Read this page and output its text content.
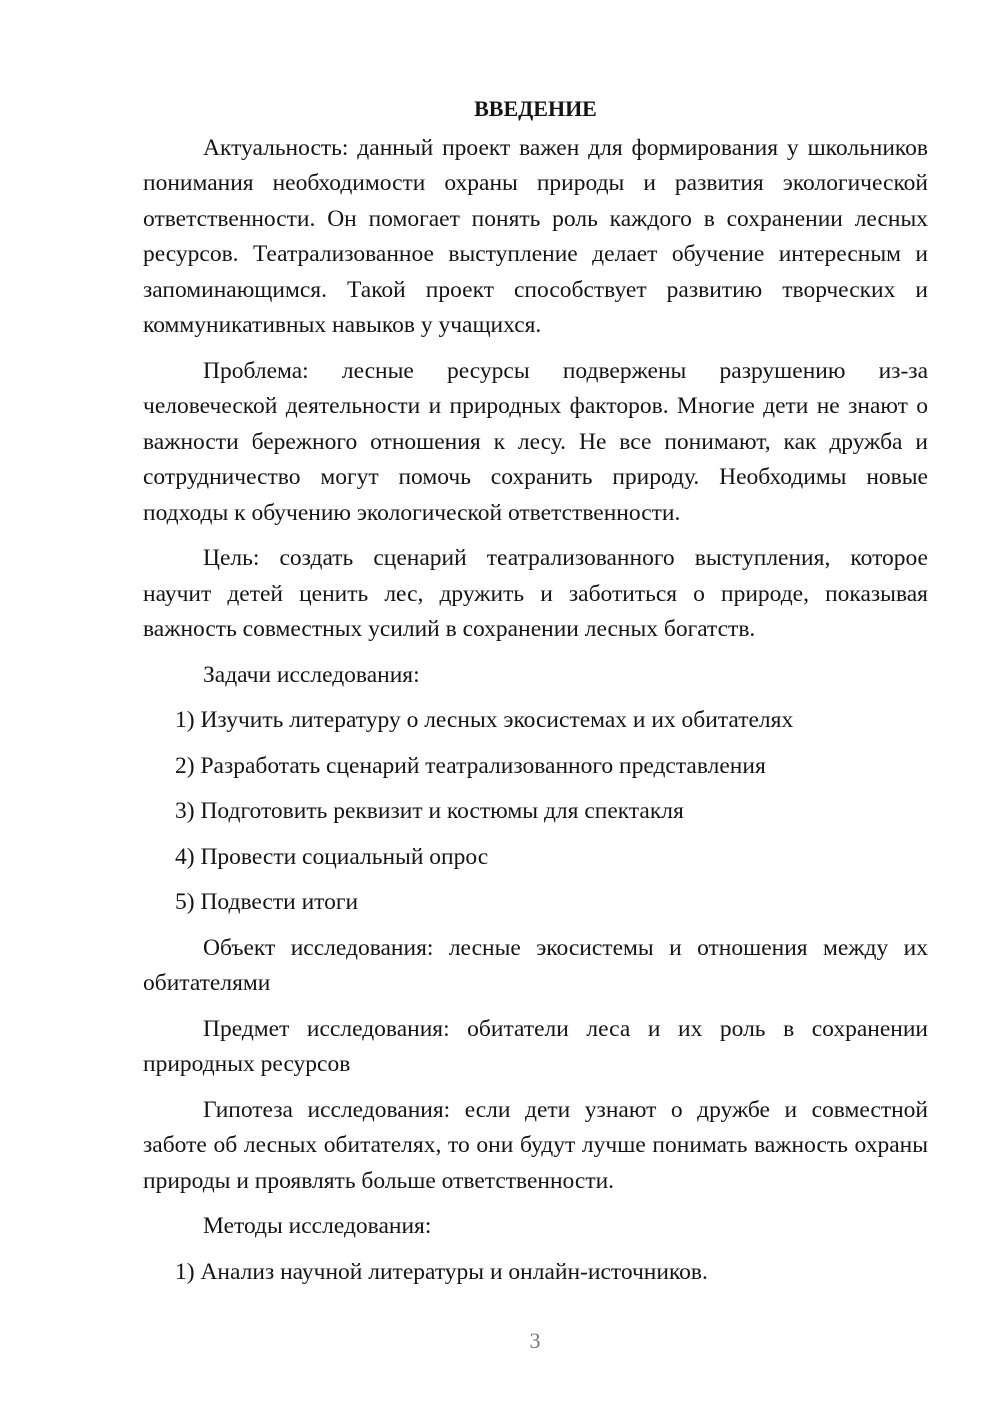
ВВЕДЕНИЕ

Актуальность: данный проект важен для формирования у школьников понимания необходимости охраны природы и развития экологической ответственности. Он помогает понять роль каждого в сохранении лесных ресурсов. Театрализованное выступление делает обучение интересным и запоминающимся. Такой проект способствует развитию творческих и коммуникативных навыков у учащихся.

Проблема: лесные ресурсы подвержены разрушению из-за человеческой деятельности и природных факторов. Многие дети не знают о важности бережного отношения к лесу. Не все понимают, как дружба и сотрудничество могут помочь сохранить природу. Необходимы новые подходы к обучению экологической ответственности.

Цель: создать сценарий театрализованного выступления, которое научит детей ценить лес, дружить и заботиться о природе, показывая важность совместных усилий в сохранении лесных богатств.

Задачи исследования:
1) Изучить литературу о лесных экосистемах и их обитателях
2) Разработать сценарий театрализованного представления
3) Подготовить реквизит и костюмы для спектакля
4) Провести социальный опрос
5) Подвести итоги

Объект исследования: лесные экосистемы и отношения между их обитателями

Предмет исследования: обитатели леса и их роль в сохранении природных ресурсов

Гипотеза исследования: если дети узнают о дружбе и совместной заботе об лесных обитателях, то они будут лучше понимать важность охраны природы и проявлять больше ответственности.

Методы исследования:
1) Анализ научной литературы и онлайн-источников.
3
